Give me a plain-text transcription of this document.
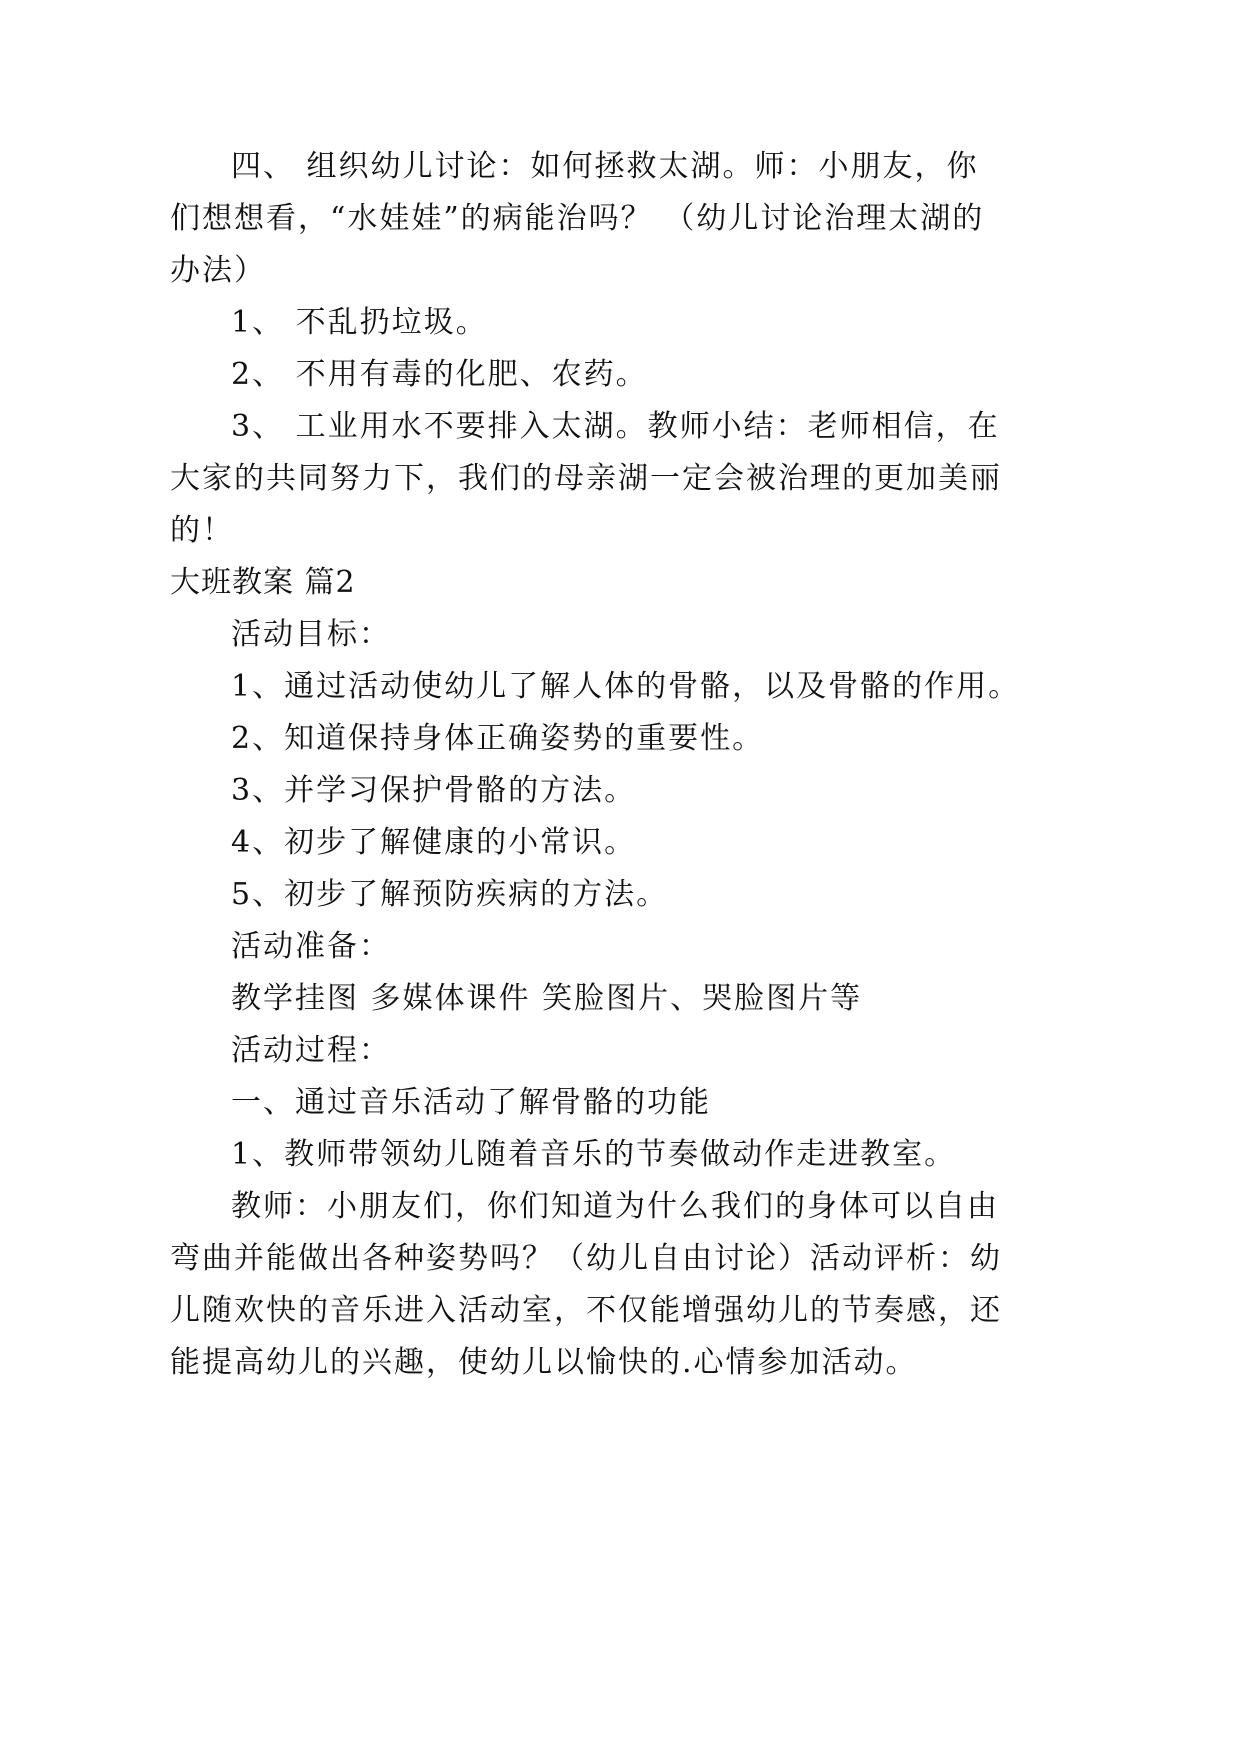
四、 组织幼儿讨论：如何拯救太湖。师：小朋友，你
们想想看，“水娃娃”的病能治吗？ （幼儿讨论治理太湖的
办法）
1、 不乱扔垃圾。
2、 不用有毒的化肥、农药。
3、 工业用水不要排入太湖。教师小结：老师相信，在
大家的共同努力下，我们的母亲湖一定会被治理的更加美丽
的！
大班教案 篇2
活动目标：
1、通过活动使幼儿了解人体的骨骼，以及骨骼的作用。
2、知道保持身体正确姿势的重要性。
3、并学习保护骨骼的方法。
4、初步了解健康的小常识。
5、初步了解预防疾病的方法。
活动准备：
教学挂图 多媒体课件 笑脸图片、哭脸图片等
活动过程：
一、通过音乐活动了解骨骼的功能
1、教师带领幼儿随着音乐的节奏做动作走进教室。
教师：小朋友们，你们知道为什么我们的身体可以自由
弯曲并能做出各种姿势吗？（幼儿自由讨论）活动评析：幼
儿随欢快的音乐进入活动室，不仅能增强幼儿的节奏感，还
能提高幼儿的兴趣，使幼儿以愉快的.心情参加活动。
